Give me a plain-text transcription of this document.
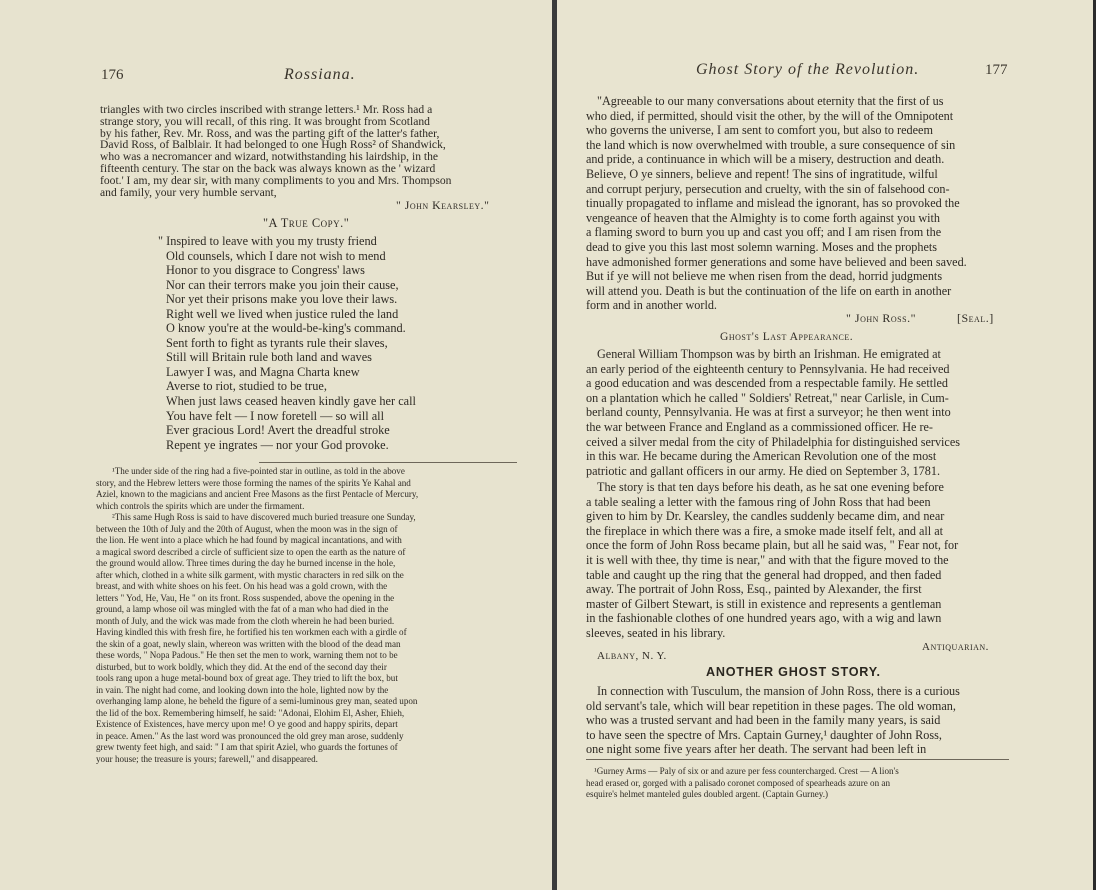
176	Rossiana.
triangles with two circles inscribed with strange letters.¹ Mr. Ross had a
strange story, you will recall, of this ring. It was brought from Scotland
by his father, Rev. Mr. Ross, and was the parting gift of the latter's father,
David Ross, of Balblair. It had belonged to one Hugh Ross² of Shandwick,
who was a necromancer and wizard, notwithstanding his lairdship, in the
fifteenth century. The star on the back was always known as the ' wizard
foot.' I am, my dear sir, with many compliments to you and Mrs. Thompson
and family, your very humble servant,
" John Kearsley."
"A True Copy."
" Inspired to leave with you my trusty friend
Old counsels, which I dare not wish to mend
Honor to you disgrace to Congress' laws
Nor can their terrors make you join their cause,
Nor yet their prisons make you love their laws.
Right well we lived when justice ruled the land
O know you're at the would-be-king's command.
Sent forth to fight as tyrants rule their slaves,
Still will Britain rule both land and waves
Lawyer I was, and Magna Charta knew
Averse to riot, studied to be true,
When just laws ceased heaven kindly gave her call
You have felt — I now foretell — so will all
Ever gracious Lord! Avert the dreadful stroke
Repent ye ingrates — nor your God provoke.
¹The under side of the ring had a five-pointed star in outline, as told in the above
story, and the Hebrew letters were those forming the names of the spirits Ye Kahal and
Aziel, known to the magicians and ancient Free Masons as the first Pentacle of Mercury,
which controls the spirits which are under the firmament.
²This same Hugh Ross is said to have discovered much buried treasure one Sunday,
between the 10th of July and the 20th of August, when the moon was in the sign of
the lion. He went into a place which he had found by magical incantations, and with
a magical sword described a circle of sufficient size to open the earth as the nature of
the ground would allow. Three times during the day he burned incense in the hole,
after which, clothed in a white silk garment, with mystic characters in red silk on the
breast, and with white shoes on his feet. On his head was a gold crown, with the
letters " Yod, He, Vau, He " on its front. Ross suspended, above the opening in the
ground, a lamp whose oil was mingled with the fat of a man who had died in the
month of July, and the wick was made from the cloth wherein he had been buried.
Having kindled this with fresh fire, he fortified his ten workmen each with a girdle of
the skin of a goat, newly slain, whereon was written with the blood of the dead man
these words, " Nopa Padous." He then set the men to work, warning them not to be
disturbed, but to work boldly, which they did. At the end of the second day their
tools rang upon a huge metal-bound box of great age. They tried to lift the box, but
in vain. The night had come, and looking down into the hole, lighted now by the
overhanging lamp alone, he beheld the figure of a semi-luminous grey man, seated upon
the lid of the box. Remembering himself, he said: "Adonai, Elohim El, Asher, Ehieh,
Existence of Existences, have mercy upon me! O ye good and happy spirits, depart
in peace. Amen." As the last word was pronounced the old grey man arose, suddenly
grew twenty feet high, and said: " I am that spirit Aziel, who guards the fortunes of
your house; the treasure is yours; farewell," and disappeared.
Ghost Story of the Revolution.	177
"Agreeable to our many conversations about eternity that the first of us
who died, if permitted, should visit the other, by the will of the Omnipotent
who governs the universe, I am sent to comfort you, but also to redeem
the land which is now overwhelmed with trouble, a sure consequence of sin
and pride, a continuance in which will be a misery, destruction and death.
Believe, O ye sinners, believe and repent! The sins of ingratitude, wilful
and corrupt perjury, persecution and cruelty, with the sin of falsehood con-
tinually propagated to inflame and mislead the ignorant, has so provoked the
vengeance of heaven that the Almighty is to come forth against you with
a flaming sword to burn you up and cast you off; and I am risen from the
dead to give you this last most solemn warning. Moses and the prophets
have admonished former generations and some have believed and been saved.
But if ye will not believe me when risen from the dead, horrid judgments
will attend you. Death is but the continuation of the life on earth in another
form and in another world.
" John Ross."	[Seal.]
Ghost's Last Appearance.
General William Thompson was by birth an Irishman. He emigrated at
an early period of the eighteenth century to Pennsylvania. He had received
a good education and was descended from a respectable family. He settled
on a plantation which he called " Soldiers' Retreat," near Carlisle, in Cum-
berland county, Pennsylvania. He was at first a surveyor; he then went into
the war between France and England as a commissioned officer. He re-
ceived a silver medal from the city of Philadelphia for distinguished services
in this war. He became during the American Revolution one of the most
patriotic and gallant officers in our army. He died on September 3, 1781.
The story is that ten days before his death, as he sat one evening before
a table sealing a letter with the famous ring of John Ross that had been
given to him by Dr. Kearsley, the candles suddenly became dim, and near
the fireplace in which there was a fire, a smoke made itself felt, and all at
once the form of John Ross became plain, but all he said was, " Fear not, for
it is well with thee, thy time is near," and with that the figure moved to the
table and caught up the ring that the general had dropped, and then faded
away. The portrait of John Ross, Esq., painted by Alexander, the first
master of Gilbert Stewart, is still in existence and represents a gentleman
in the fashionable clothes of one hundred years ago, with a wig and lawn
sleeves, seated in his library.
Antiquarian.
Albany, N. Y.
ANOTHER GHOST STORY.
In connection with Tusculum, the mansion of John Ross, there is a curious
old servant's tale, which will bear repetition in these pages. The old woman,
who was a trusted servant and had been in the family many years, is said
to have seen the spectre of Mrs. Captain Gurney,¹ daughter of John Ross,
one night some five years after her death. The servant had been left in
¹Gurney Arms — Paly of six or and azure per fess countercharged. Crest — A lion's
head erased or, gorged with a palisado coronet composed of spearheads azure on an
esquire's helmet manteled gules doubled argent. (Captain Gurney.)
